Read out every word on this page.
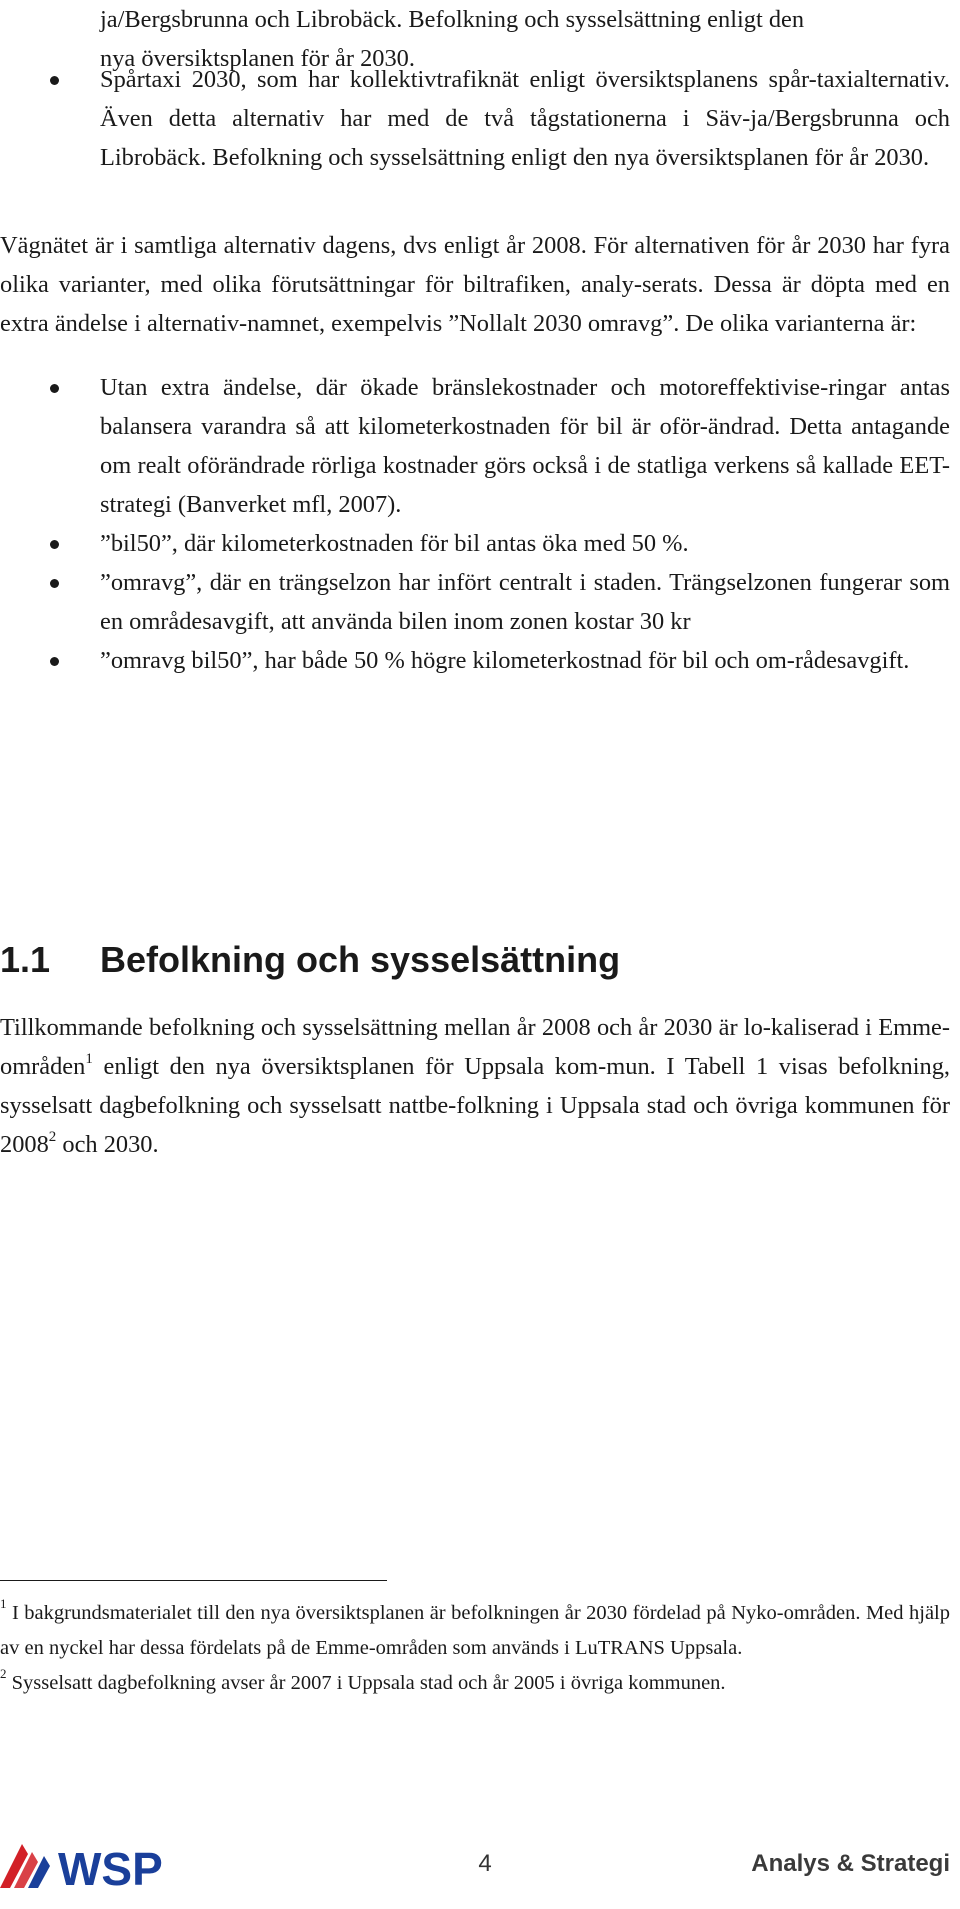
ja/Bergsbrunna och Librobäck. Befolkning och sysselsättning enligt den

nya översiktsplanen för år 2030.

Spårtaxi 2030, som har kollektivtrafiknät enligt översiktsplanens spår-taxialternativ. Även detta alternativ har med de två tågstationerna i Säv-ja/Bergsbrunna och Librobäck. Befolkning och sysselsättning enligt den nya översiktsplanen för år 2030.

Vägnätet är i samtliga alternativ dagens, dvs enligt år 2008. För alternativen för år 2030 har fyra olika varianter, med olika förutsättningar för biltrafiken, analy-serats. Dessa är döpta med en extra ändelse i alternativ-namnet, exempelvis ”Nollalt 2030 omravg”. De olika varianterna är:

Utan extra ändelse, där ökade bränslekostnader och motoreffektivise-ringar antas balansera varandra så att kilometerkostnaden för bil är oför-ändrad. Detta antagande om realt oförändrade rörliga kostnader görs också i de statliga verkens så kallade EET-strategi (Banverket mfl, 2007).
”bil50”, där kilometerkostnaden för bil antas öka med 50 %.
”omravg”, där en trängselzon har infört centralt i staden. Trängselzonen fungerar som en områdesavgift, att använda bilen inom zonen kostar 30 kr
”omravg bil50”, har både 50 % högre kilometerkostnad för bil och om-rådesavgift.
1.1	Befolkning och sysselsättning

Tillkommande befolkning och sysselsättning mellan år 2008 och år 2030 är lo-kaliserad i Emme-områden$^1$ enligt den nya översiktsplanen för Uppsala kom-mun. I Tabell 1 visas befolkning, sysselsatt dagbefolkning och sysselsatt nattbe-folkning i Uppsala stad och övriga kommunen för 2008$^2$ och 2030.

$^1$ I bakgrundsmaterialet till den nya översiktsplanen är befolkningen år 2030 fördelad på Nyko-områden. Med hjälp av en nyckel har dessa fördelats på de Emme-områden som används i LuTRANS Uppsala.

$^2$ Sysselsatt dagbefolkning avser år 2007 i Uppsala stad och år 2005 i övriga kommunen.

WSP	4	Analys & Strategi
